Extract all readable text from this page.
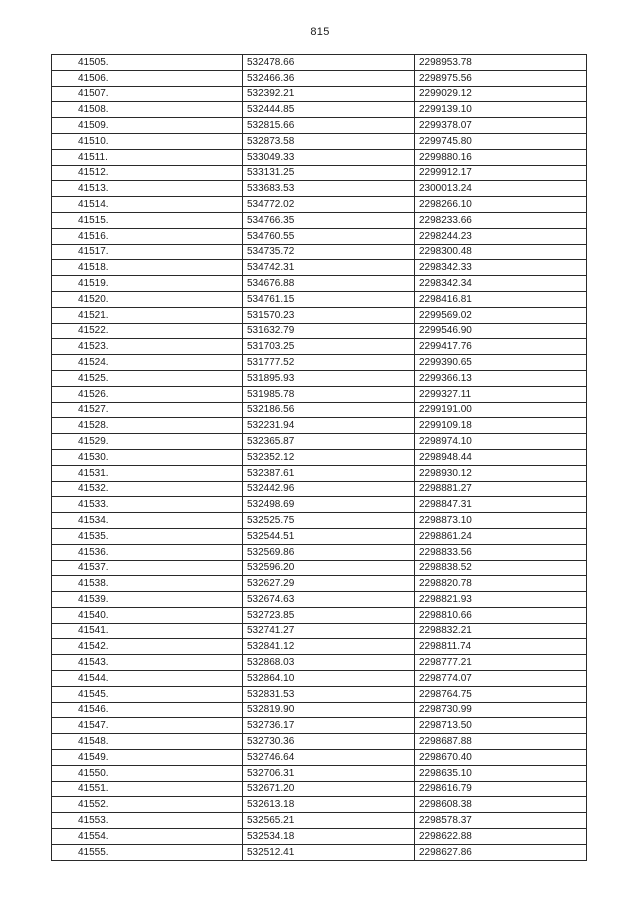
815
41505.	532478.66	2298953.78
41506.	532466.36	2298975.56
41507.	532392.21	2299029.12
41508.	532444.85	2299139.10
41509.	532815.66	2299378.07
41510.	532873.58	2299745.80
41511.	533049.33	2299880.16
41512.	533131.25	2299912.17
41513.	533683.53	2300013.24
41514.	534772.02	2298266.10
41515.	534766.35	2298233.66
41516.	534760.55	2298244.23
41517.	534735.72	2298300.48
41518.	534742.31	2298342.33
41519.	534676.88	2298342.34
41520.	534761.15	2298416.81
41521.	531570.23	2299569.02
41522.	531632.79	2299546.90
41523.	531703.25	2299417.76
41524.	531777.52	2299390.65
41525.	531895.93	2299366.13
41526.	531985.78	2299327.11
41527.	532186.56	2299191.00
41528.	532231.94	2299109.18
41529.	532365.87	2298974.10
41530.	532352.12	2298948.44
41531.	532387.61	2298930.12
41532.	532442.96	2298881.27
41533.	532498.69	2298847.31
41534.	532525.75	2298873.10
41535.	532544.51	2298861.24
41536.	532569.86	2298833.56
41537.	532596.20	2298838.52
41538.	532627.29	2298820.78
41539.	532674.63	2298821.93
41540.	532723.85	2298810.66
41541.	532741.27	2298832.21
41542.	532841.12	2298811.74
41543.	532868.03	2298777.21
41544.	532864.10	2298774.07
41545.	532831.53	2298764.75
41546.	532819.90	2298730.99
41547.	532736.17	2298713.50
41548.	532730.36	2298687.88
41549.	532746.64	2298670.40
41550.	532706.31	2298635.10
41551.	532671.20	2298616.79
41552.	532613.18	2298608.38
41553.	532565.21	2298578.37
41554.	532534.18	2298622.88
41555.	532512.41	2298627.86
